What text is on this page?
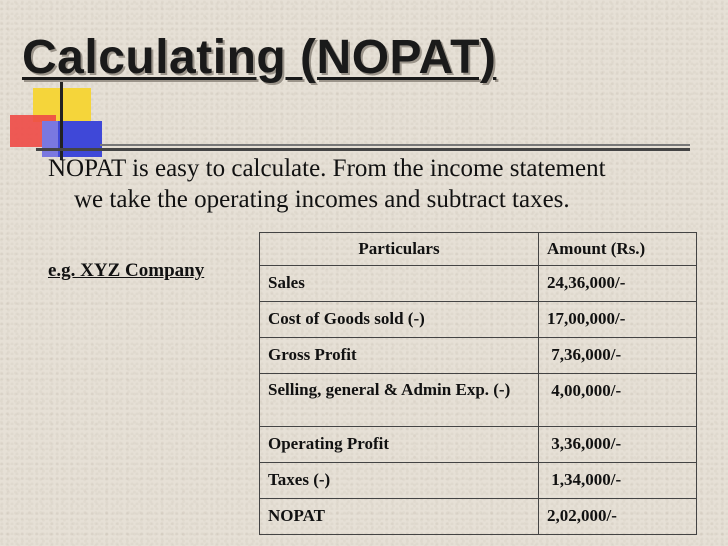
Calculating (NOPAT)
NOPAT is easy to calculate. From the income statement
we take the operating incomes and subtract taxes.
e.g. XYZ Company
Particulars	Amount (Rs.)
Sales	24,36,000/-
Cost of Goods sold (-)	17,00,000/-
Gross Profit	7,36,000/-
Selling, general & Admin Exp. (-)	4,00,000/-
Operating Profit	3,36,000/-
Taxes (-)	1,34,000/-
NOPAT	2,02,000/-
